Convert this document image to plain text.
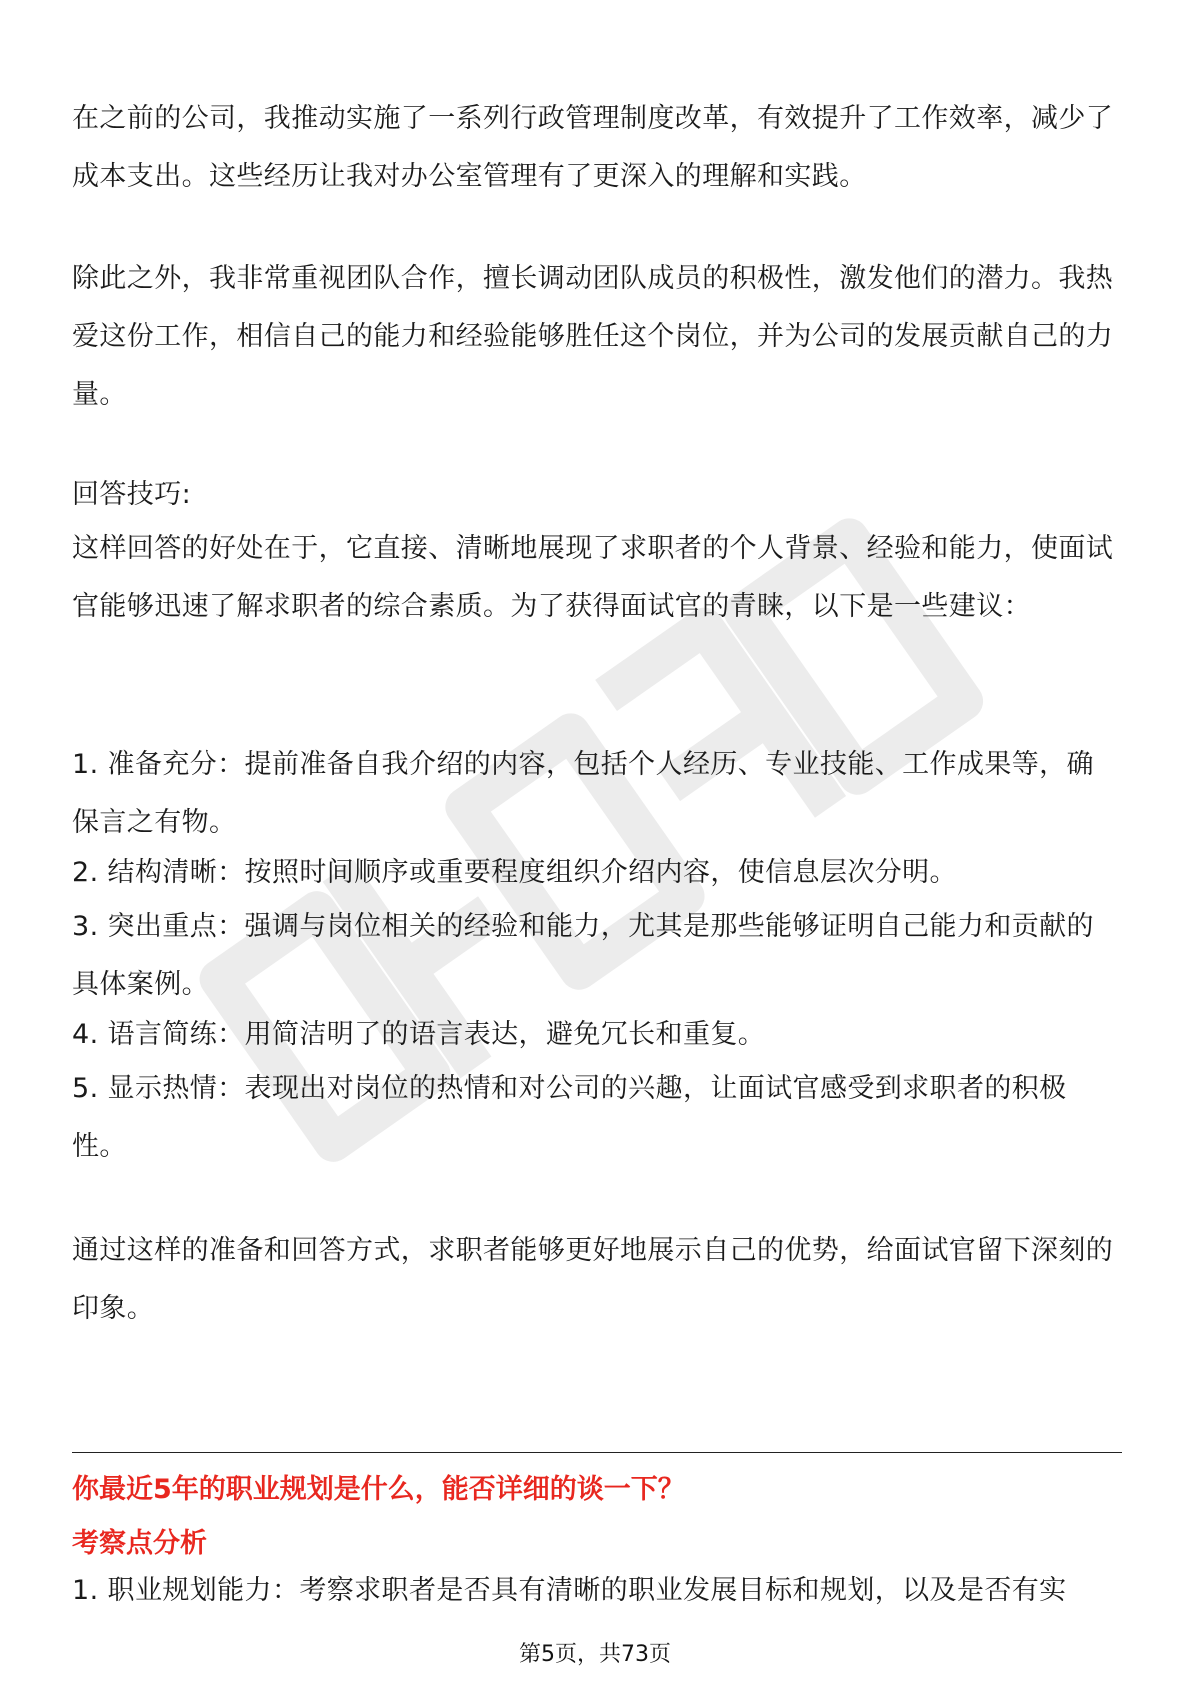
在之前的公司，我推动实施了一系列行政管理制度改革，有效提升了工作效率，减少了成本支出。这些经历让我对办公室管理有了更深入的理解和实践。

除此之外，我非常重视团队合作，擅长调动团队成员的积极性，激发他们的潜力。我热爱这份工作，相信自己的能力和经验能够胜任这个岗位，并为公司的发展贡献自己的力量。

回答技巧:

这样回答的好处在于，它直接、清晰地展现了求职者的个人背景、经验和能力，使面试官能够迅速了解求职者的综合素质。为了获得面试官的青睐，以下是一些建议：

1. 准备充分：提前准备自我介绍的内容，包括个人经历、专业技能、工作成果等，确保言之有物。

2. 结构清晰：按照时间顺序或重要程度组织介绍内容，使信息层次分明。

3. 突出重点：强调与岗位相关的经验和能力，尤其是那些能够证明自己能力和贡献的具体案例。

4. 语言简练：用简洁明了的语言表达，避免冗长和重复。

5. 显示热情：表现出对岗位的热情和对公司的兴趣，让面试官感受到求职者的积极性。

通过这样的准备和回答方式，求职者能够更好地展示自己的优势，给面试官留下深刻的印象。

你最近5年的职业规划是什么，能否详细的谈一下？
考察点分析

1. 职业规划能力：考察求职者是否具有清晰的职业发展目标和规划，以及是否有实

第5页，共73页
